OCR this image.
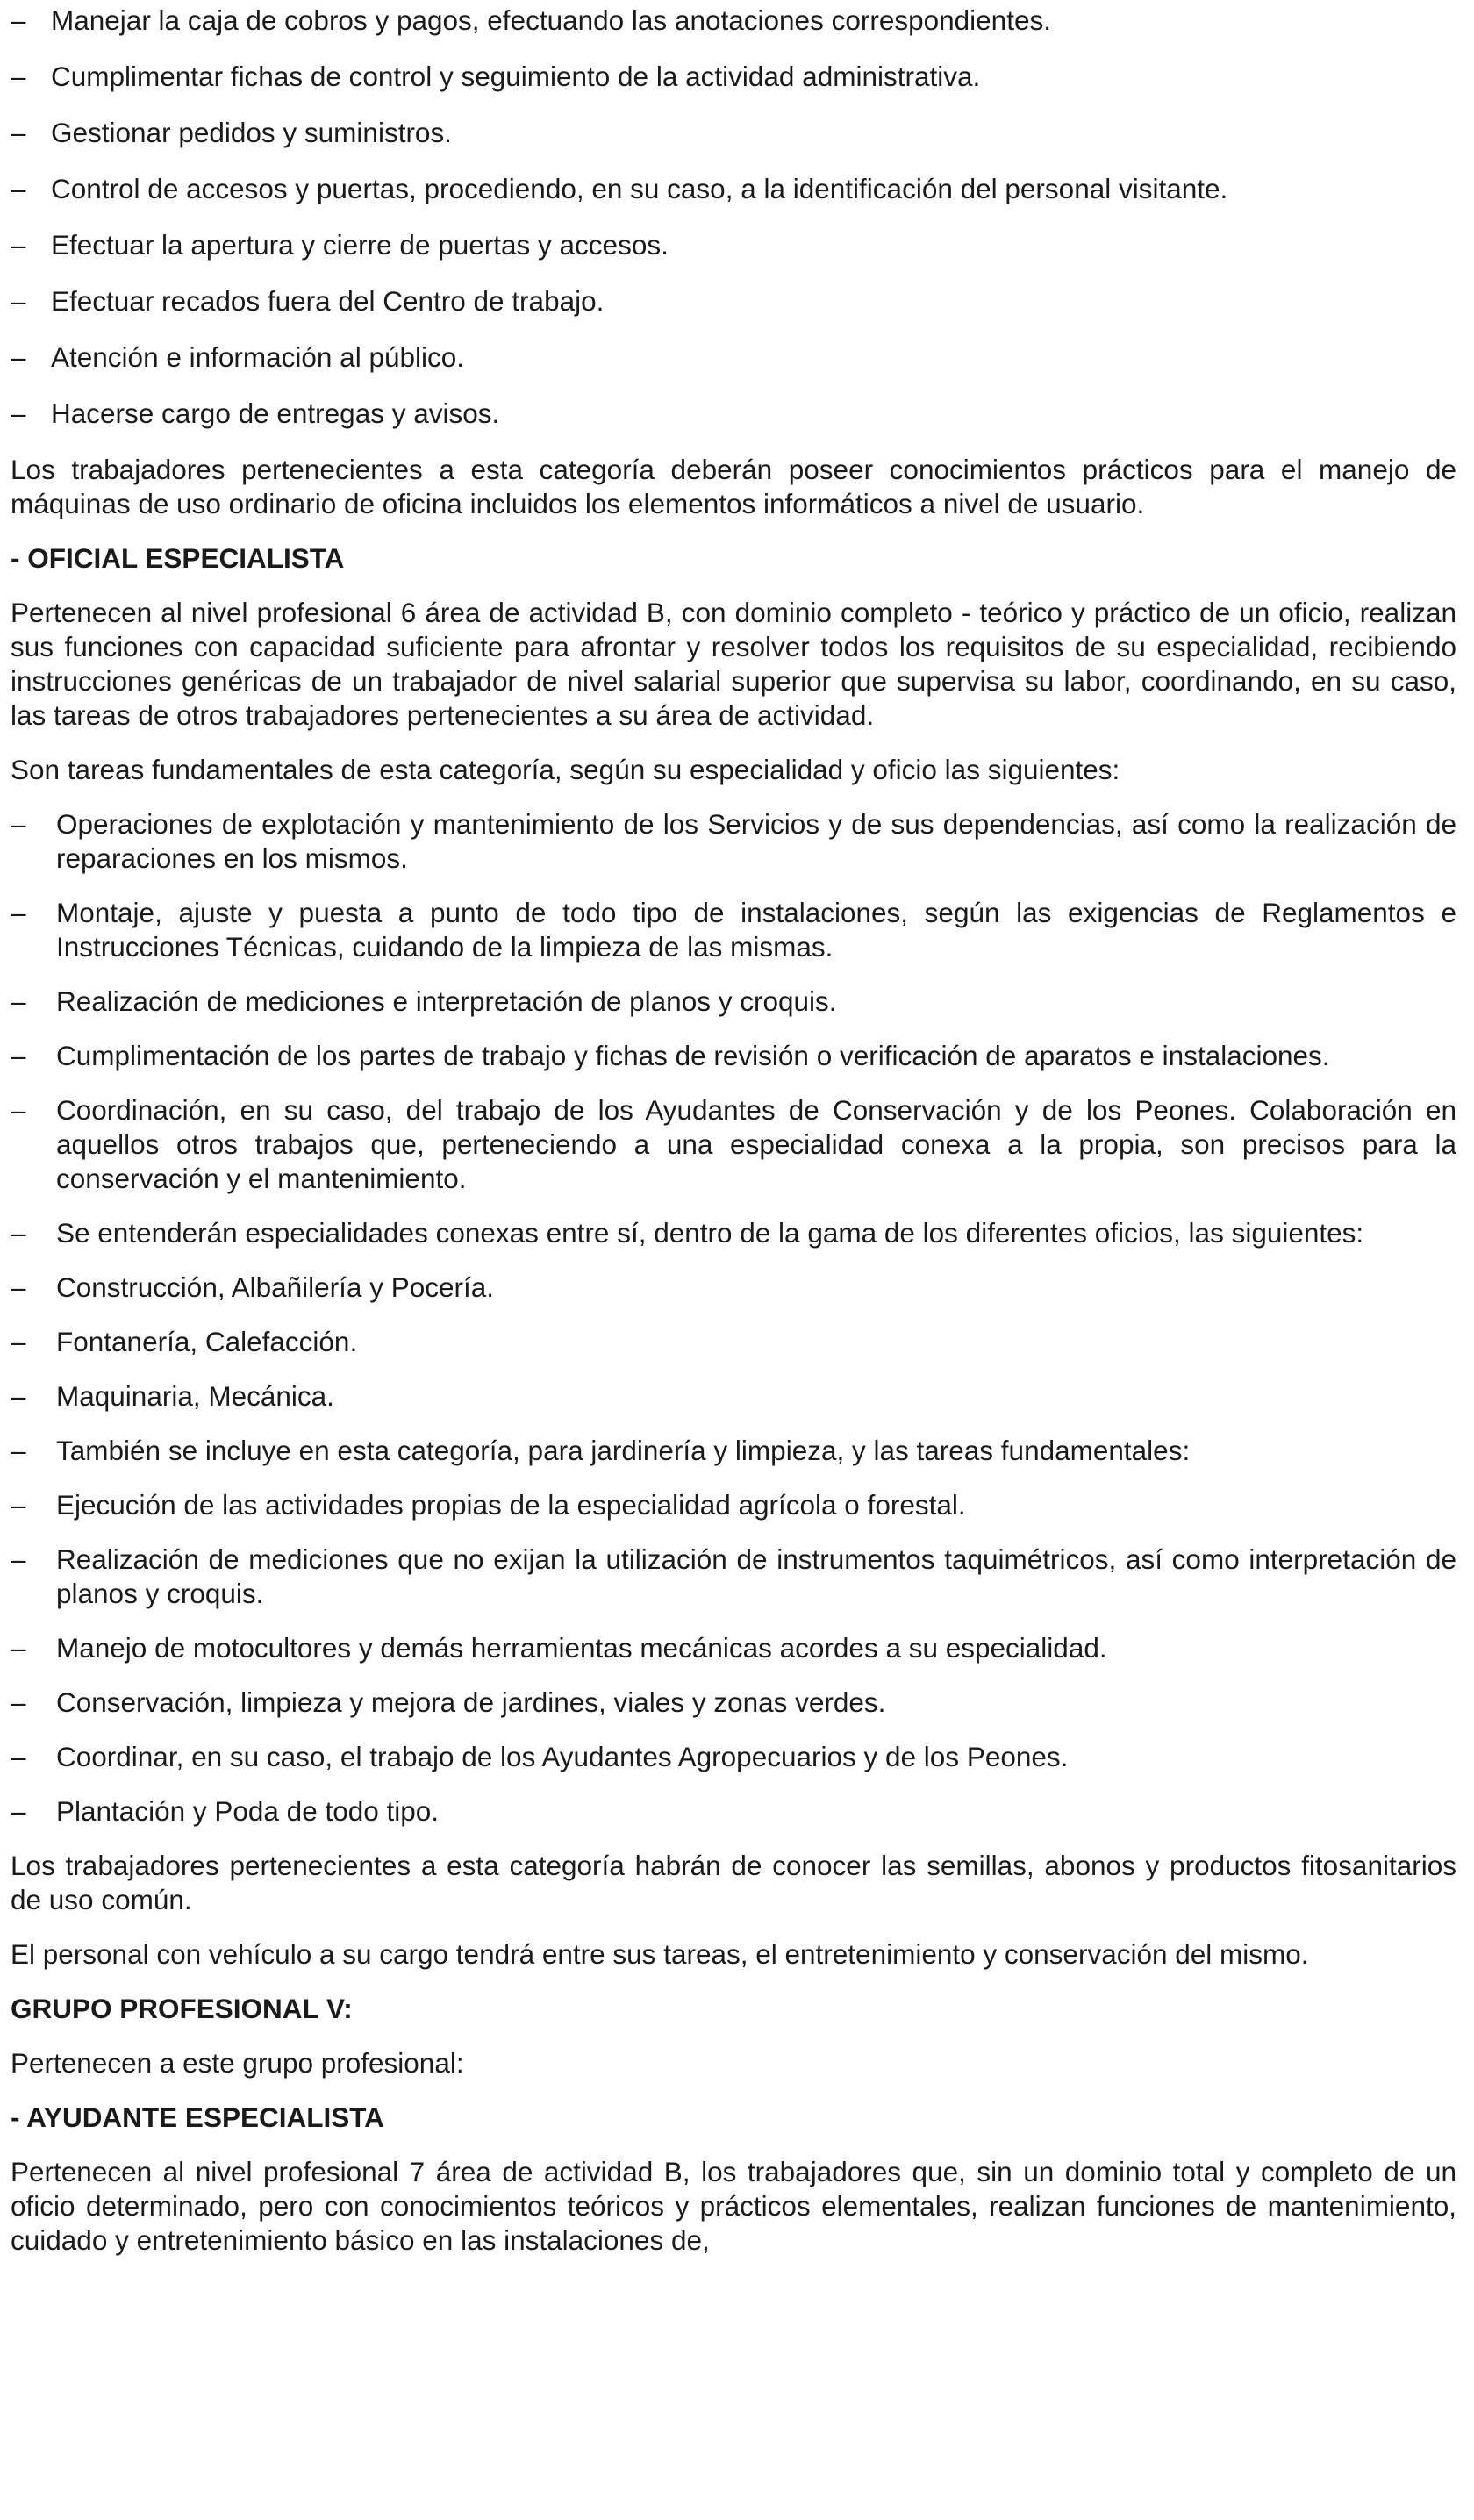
– Manejar la caja de cobros y pagos, efectuando las anotaciones correspondientes.
– Cumplimentar fichas de control y seguimiento de la actividad administrativa.
– Gestionar pedidos y suministros.
– Control de accesos y puertas, procediendo, en su caso, a la identificación del personal visitante.
– Efectuar la apertura y cierre de puertas y accesos.
– Efectuar recados fuera del Centro de trabajo.
– Atención e información al público.
– Hacerse cargo de entregas y avisos.
Los trabajadores pertenecientes a esta categoría deberán poseer conocimientos prácticos para el manejo de máquinas de uso ordinario de oficina incluidos los elementos informáticos a nivel de usuario.
- OFICIAL ESPECIALISTA
Pertenecen al nivel profesional 6 área de actividad B, con dominio completo - teórico y práctico de un oficio, realizan sus funciones con capacidad suficiente para afrontar y resolver todos los requisitos de su especialidad, recibiendo instrucciones genéricas de un trabajador de nivel salarial superior que supervisa su labor, coordinando, en su caso, las tareas de otros trabajadores pertenecientes a su área de actividad.
Son tareas fundamentales de esta categoría, según su especialidad y oficio las siguientes:
– Operaciones de explotación y mantenimiento de los Servicios y de sus dependencias, así como la realización de reparaciones en los mismos.
– Montaje, ajuste y puesta a punto de todo tipo de instalaciones, según las exigencias de Reglamentos e Instrucciones Técnicas, cuidando de la limpieza de las mismas.
– Realización de mediciones e interpretación de planos y croquis.
– Cumplimentación de los partes de trabajo y fichas de revisión o verificación de aparatos e instalaciones.
– Coordinación, en su caso, del trabajo de los Ayudantes de Conservación y de los Peones. Colaboración en aquellos otros trabajos que, perteneciendo a una especialidad conexa a la propia, son precisos para la conservación y el mantenimiento.
– Se entenderán especialidades conexas entre sí, dentro de la gama de los diferentes oficios, las siguientes:
– Construcción, Albañilería y Pocería.
– Fontanería, Calefacción.
– Maquinaria, Mecánica.
– También se incluye en esta categoría, para jardinería y limpieza, y las tareas fundamentales:
– Ejecución de las actividades propias de la especialidad agrícola o forestal.
– Realización de mediciones que no exijan la utilización de instrumentos taquimétricos, así como interpretación de planos y croquis.
– Manejo de motocultores y demás herramientas mecánicas acordes a su especialidad.
– Conservación, limpieza y mejora de jardines, viales y zonas verdes.
– Coordinar, en su caso, el trabajo de los Ayudantes Agropecuarios y de los Peones.
– Plantación y Poda de todo tipo.
Los trabajadores pertenecientes a esta categoría habrán de conocer las semillas, abonos y productos fitosanitarios de uso común.
El personal con vehículo a su cargo tendrá entre sus tareas, el entretenimiento y conservación del mismo.
GRUPO PROFESIONAL V:
Pertenecen a este grupo profesional:
- AYUDANTE ESPECIALISTA
Pertenecen al nivel profesional 7 área de actividad B, los trabajadores que, sin un dominio total y completo de un oficio determinado, pero con conocimientos teóricos y prácticos elementales, realizan funciones de mantenimiento, cuidado y entretenimiento básico en las instalaciones de,
